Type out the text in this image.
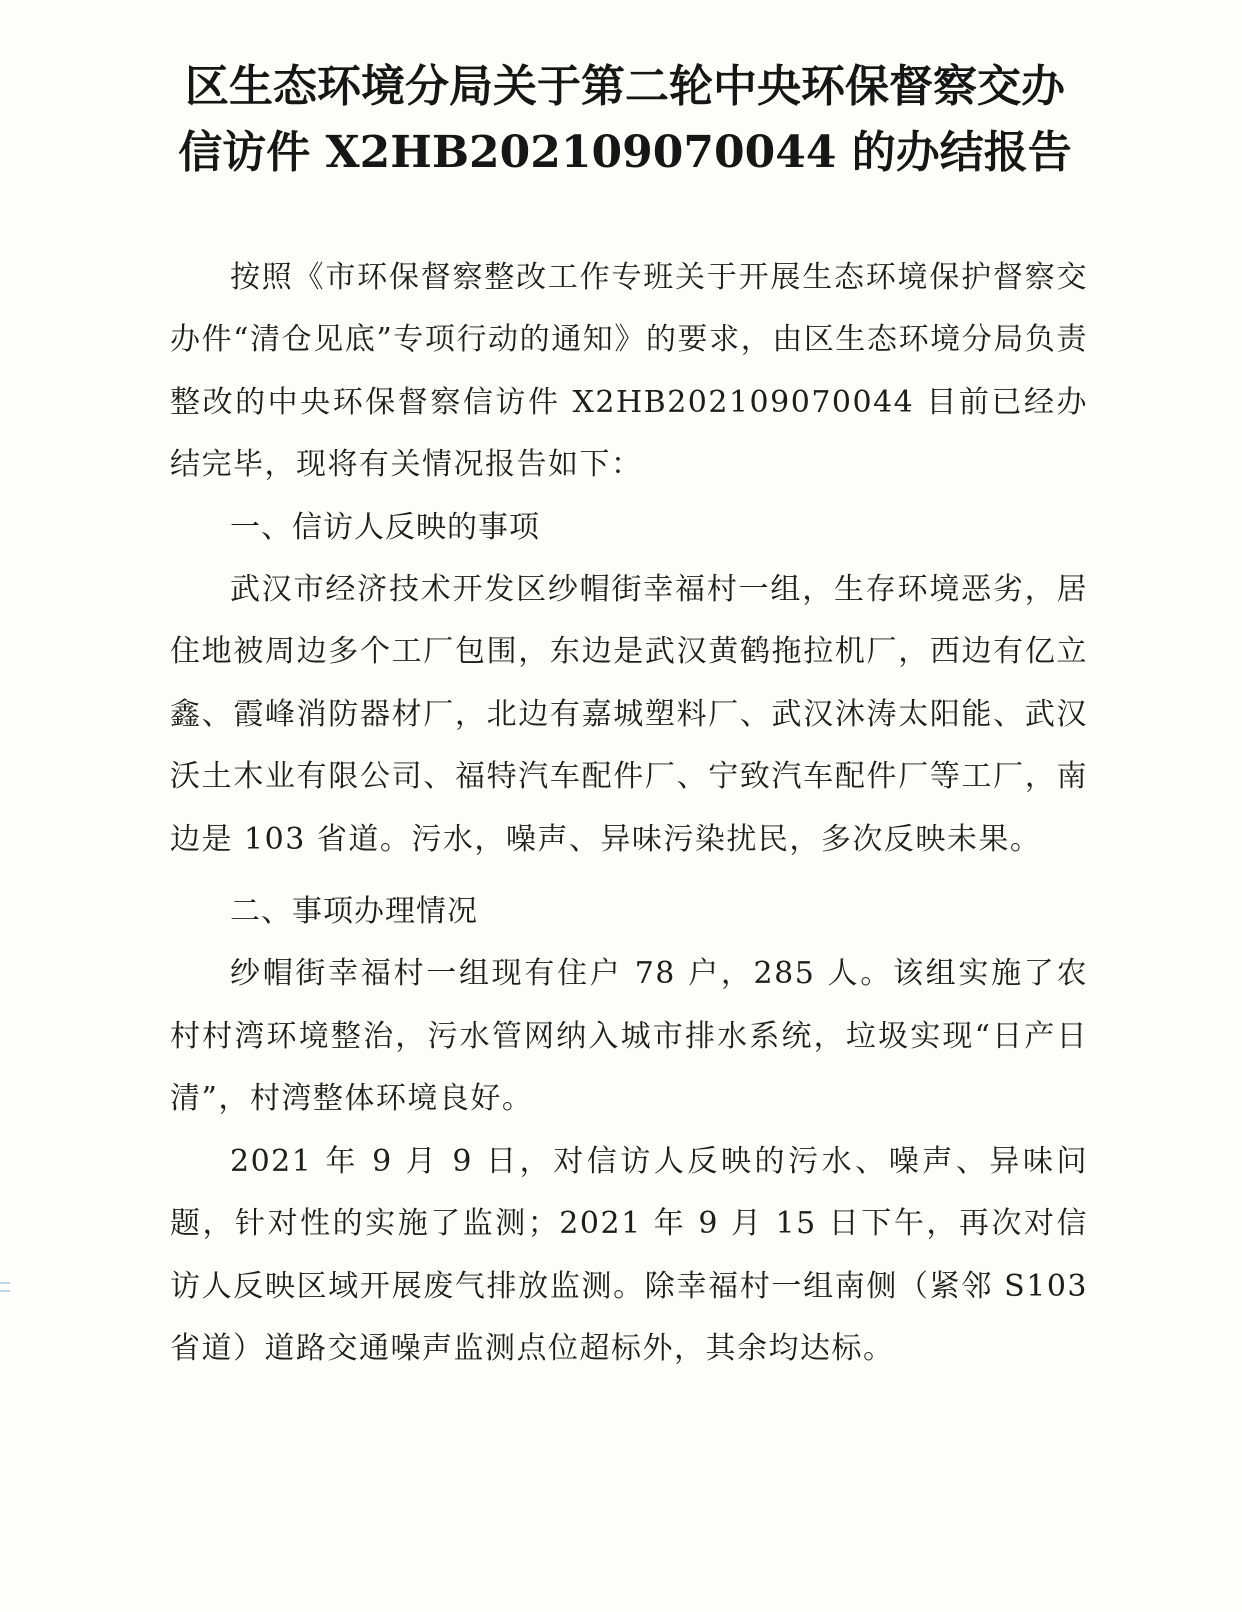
区生态环境分局关于第二轮中央环保督察交办
信访件 X2HB202109070044 的办结报告

按照《市环保督察整改工作专班关于开展生态环境保护督察交办件“清仓见底”专项行动的通知》的要求，由区生态环境分局负责整改的中央环保督察信访件 X2HB202109070044 目前已经办结完毕，现将有关情况报告如下：

一、信访人反映的事项

武汉市经济技术开发区纱帽街幸福村一组，生存环境恶劣，居住地被周边多个工厂包围，东边是武汉黄鹤拖拉机厂，西边有亿立鑫、霞峰消防器材厂，北边有嘉城塑料厂、武汉沐涛太阳能、武汉沃土木业有限公司、福特汽车配件厂、宁致汽车配件厂等工厂，南边是 103 省道。污水，噪声、异味污染扰民，多次反映未果。

二、事项办理情况

纱帽街幸福村一组现有住户 78 户，285 人。该组实施了农村村湾环境整治，污水管网纳入城市排水系统，垃圾实现“日产日清”，村湾整体环境良好。

2021 年 9 月 9 日，对信访人反映的污水、噪声、异味问题，针对性的实施了监测；2021 年 9 月 15 日下午，再次对信访人反映区域开展废气排放监测。除幸福村一组南侧（紧邻 S103 省道）道路交通噪声监测点位超标外，其余均达标。
